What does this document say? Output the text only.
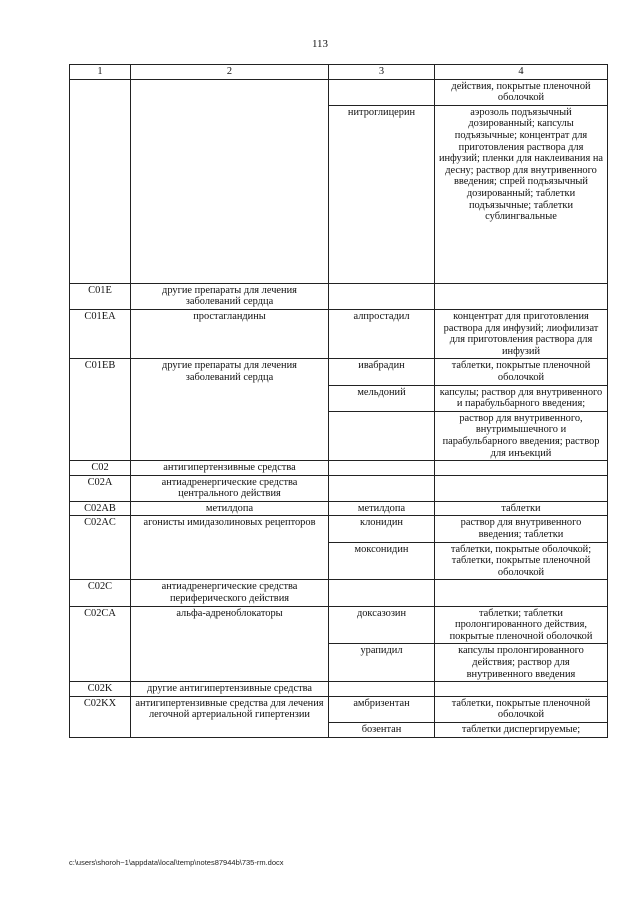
113
1	2	3	4
			действия, покрытые пленочной оболочкой
		нитроглицерин	аэрозоль подъязычный дозированный; капсулы подъязычные; концентрат для приготовления раствора для инфузий; пленки для наклеивания на десну; раствор для внутривенного введения; спрей подъязычный дозированный; таблетки подъязычные; таблетки сублингвальные
C01E	другие препараты для лечения заболеваний сердца		
C01EA	простагландины	алпростадил	концентрат для приготовления раствора для инфузий; лиофилизат для приготовления раствора для инфузий
C01EB	другие препараты для лечения заболеваний сердца	ивабрадин	таблетки, покрытые пленочной оболочкой
		мельдоний	капсулы; раствор для внутривенного и парабульбарного введения;
			раствор для внутривенного, внутримышечного и парабульбарного введения; раствор для инъекций
C02	антигипертензивные средства		
C02A	антиадренергические средства центрального действия		
C02AB	метилдопа	метилдопа	таблетки
C02AC	агонисты имидазолиновых рецепторов	клонидин	раствор для внутривенного введения; таблетки
		моксонидин	таблетки, покрытые оболочкой; таблетки, покрытые пленочной оболочкой
C02C	антиадренергические средства периферического действия		
C02CA	альфа-адреноблокаторы	доксазозин	таблетки; таблетки пролонгированного действия, покрытые пленочной оболочкой
		урапидил	капсулы пролонгированного действия; раствор для внутривенного введения
C02K	другие антигипертензивные средства		
C02KX	антигипертензивные средства для лечения легочной артериальной гипертензии	амбризентан	таблетки, покрытые пленочной оболочкой
		бозентан	таблетки диспергируемые;
c:\users\shoroh~1\appdata\local\temp\notes87944b\735-rm.docx
